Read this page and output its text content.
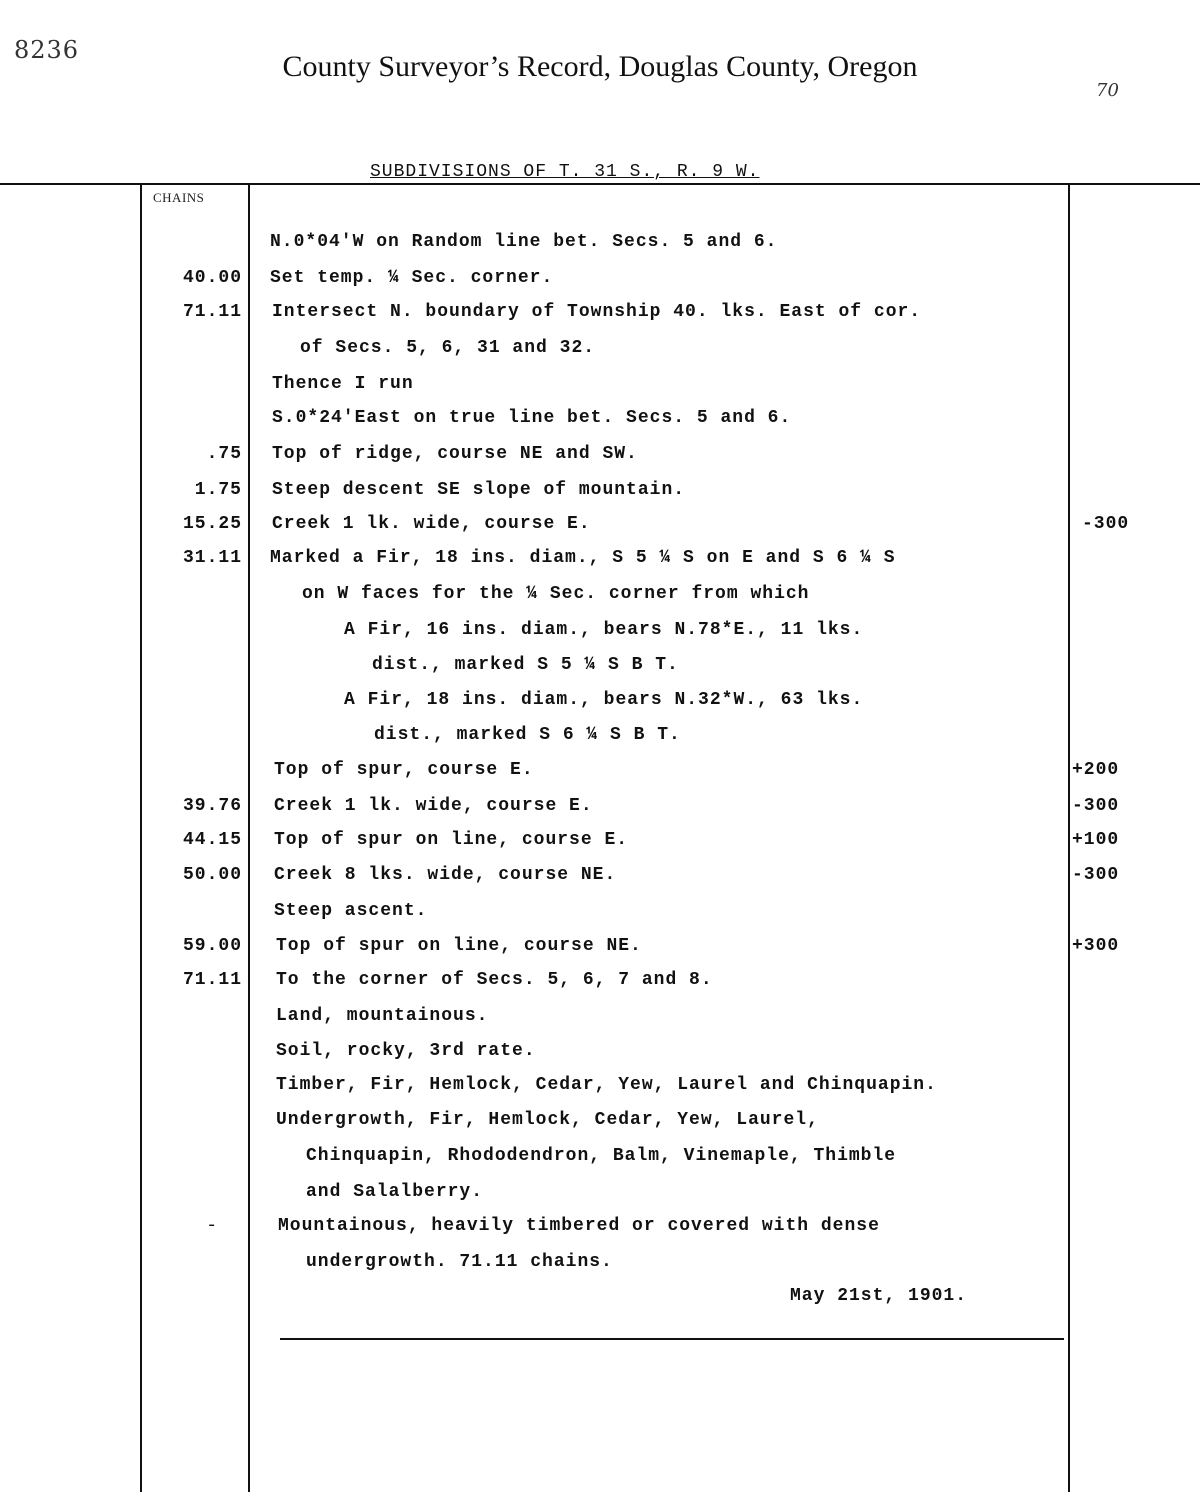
8236	County Surveyor’s Record, Douglas County, Oregon
70
SUBDIVISIONS OF T. 31 S., R. 9 W.
CHAINS
N.0*04'W on Random line bet. Secs. 5 and 6.
40.00 Set temp. ¼ Sec. corner.
71.11 Intersect N. boundary of Township 40. lks. East of cor.
of Secs. 5, 6, 31 and 32.
Thence I run
S.0*24'East on true line bet. Secs. 5 and 6.
.75 Top of ridge, course NE and SW.
1.75 Steep descent SE slope of mountain.
15.25 Creek 1 lk. wide, course E.	-300
31.11 Marked a Fir, 18 ins. diam., S 5 ¼ S on E and S 6 ¼ S
on W faces for the ¼ Sec. corner from which
A Fir, 16 ins. diam., bears N.78*E., 11 lks.
dist., marked S 5 ¼ S B T.
A Fir, 18 ins. diam., bears N.32*W., 63 lks.
dist., marked S 6 ¼ S B T.
Top of spur, course E.	+200
39.76 Creek 1 lk. wide, course E.	-300
44.15 Top of spur on line, course E.	+100
50.00 Creek 8 lks. wide, course NE.	-300
Steep ascent.
59.00 Top of spur on line, course NE.	+300
71.11 To the corner of Secs. 5, 6, 7 and 8.
Land, mountainous.
Soil, rocky, 3rd rate.
Timber, Fir, Hemlock, Cedar, Yew, Laurel and Chinquapin.
Undergrowth, Fir, Hemlock, Cedar, Yew, Laurel,
Chinquapin, Rhododendron, Balm, Vinemaple, Thimble
and Salalberry.
-	Mountainous, heavily timbered or covered with dense
undergrowth. 71.11 chains.
May 21st, 1901.
